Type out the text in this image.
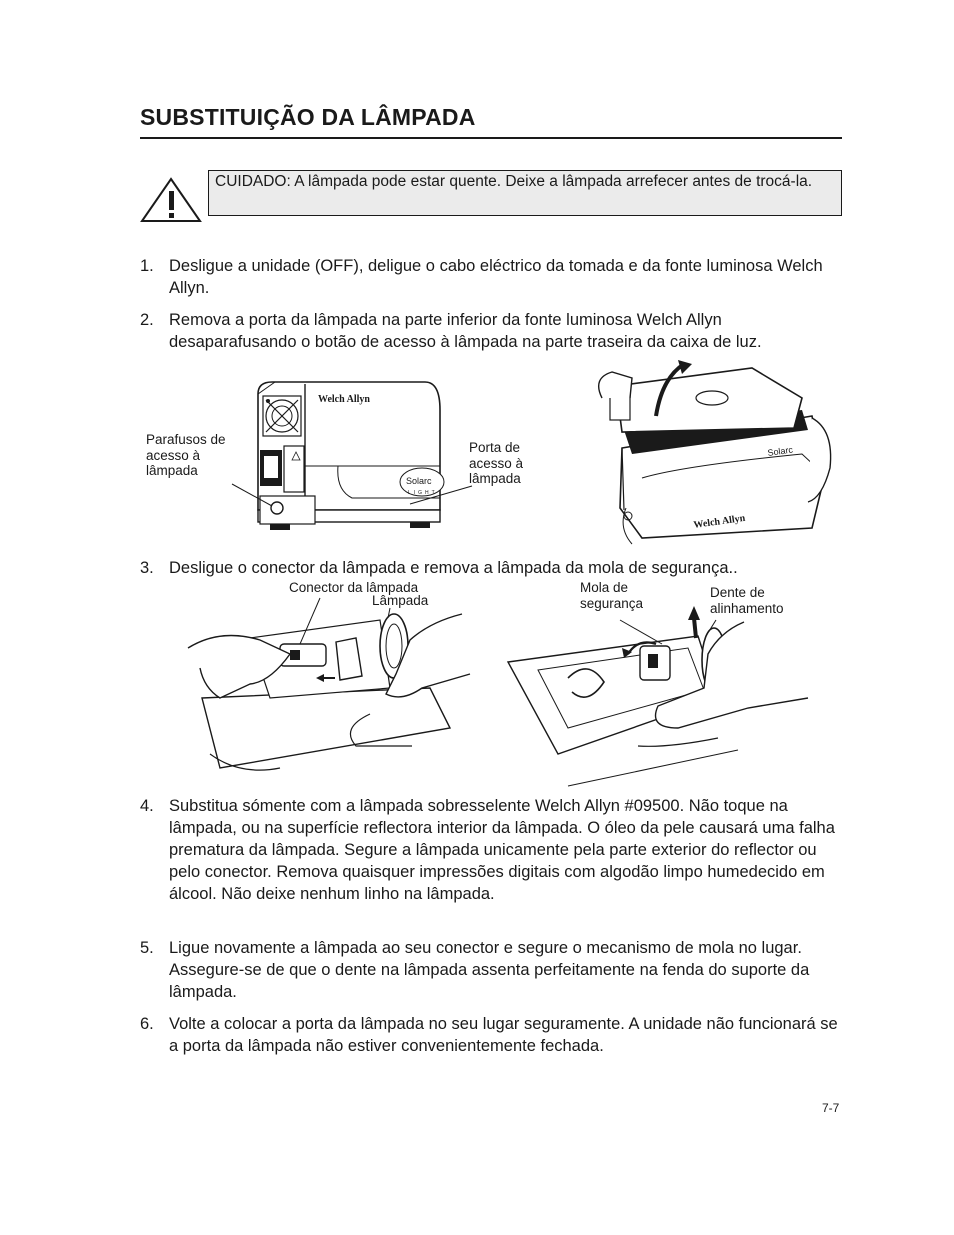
SUBSTITUIÇÃO DA LÂMPADA
CUIDADO: A lâmpada pode estar quente. Deixe a lâmpada arrefecer antes de trocá-la.
1. Desligue a unidade (OFF), deligue o cabo eléctrico da tomada e da fonte luminosa Welch Allyn.
2. Remova a porta da lâmpada na parte inferior da fonte luminosa Welch Allyn desaparafusando o botão de acesso à lâmpada na parte traseira da caixa de luz.
Welch Allyn
Solarc
LIGHT
Parafusos de acesso à lâmpada
Porta de acesso à lâmpada
Welch Allyn
Solarc
3. Desligue o conector da lâmpada e remova a lâmpada da mola de segurança..
Conector da lâmpada
Lâmpada
Mola de segurança
Dente de alinhamento
4. Substitua sómente com a lâmpada sobresselente Welch Allyn #09500. Não toque na lâmpada, ou na superfície reflectora interior da lâmpada. O óleo da pele causará uma falha prematura da lâmpada. Segure a lâmpada unicamente pela parte exterior do reflector ou pelo conector. Remova quaisquer impressões digitais com algodão limpo humedecido em álcool. Não deixe nenhum linho na lâmpada.
5. Ligue novamente a lâmpada ao seu conector e segure o mecanismo de mola no lugar. Assegure-se de que o dente na lâmpada assenta perfeitamente na fenda do suporte da lâmpada.
6. Volte a colocar a porta da lâmpada no seu lugar seguramente. A unidade não funcionará se a porta da lâmpada não estiver convenientemente fechada.
7-7
